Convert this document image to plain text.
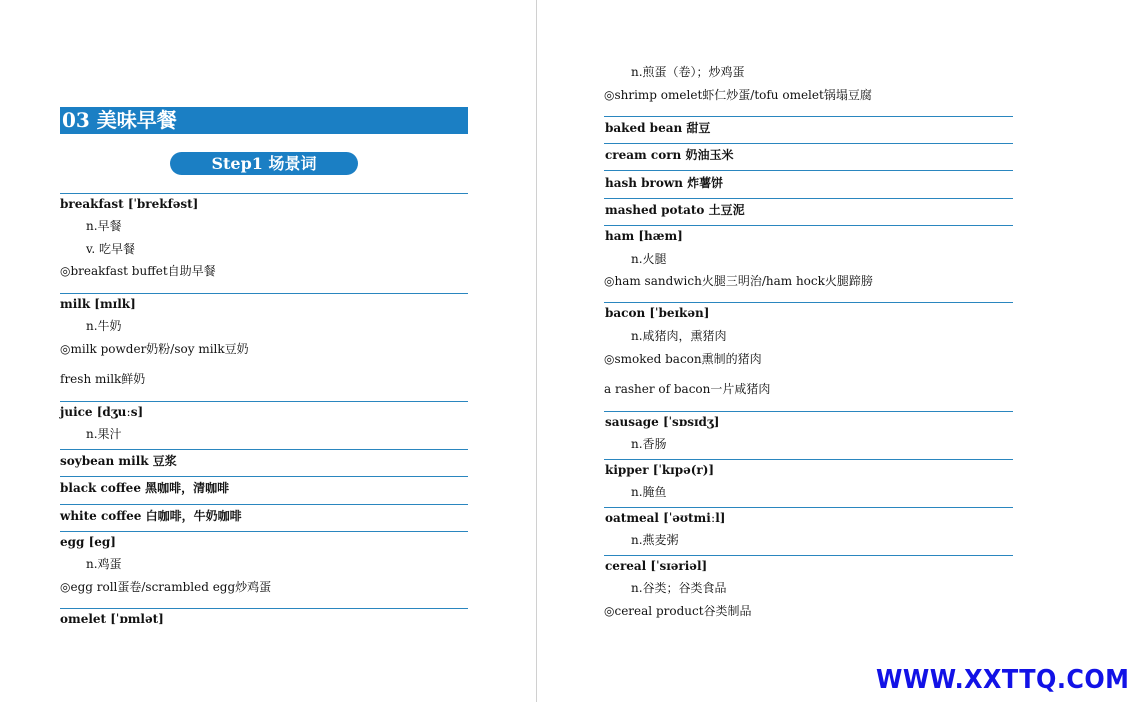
03 美味早餐
Step1 场景词
breakfast [ˈbrekfəst]
n.早餐
v. 吃早餐
◎breakfast buffet自助早餐
milk [mɪlk]
n.牛奶
◎milk powder奶粉/soy milk豆奶
fresh milk鲜奶
juice [dʒuːs]
n.果汁
soybean milk 豆浆
black coffee 黑咖啡，清咖啡
white coffee 白咖啡，牛奶咖啡
egg [eg]
n.鸡蛋
◎egg roll蛋卷/scrambled egg炒鸡蛋
omelet [ˈɒmlət]
n.煎蛋（卷）；炒鸡蛋
◎shrimp omelet虾仁炒蛋/tofu omelet锅塌豆腐
baked bean 甜豆
cream corn 奶油玉米
hash brown 炸薯饼
mashed potato 土豆泥
ham [hæm]
n.火腿
◎ham sandwich火腿三明治/ham hock火腿蹄膀
bacon [ˈbeɪkən]
n.咸猪肉，熏猪肉
◎smoked bacon熏制的猪肉
a rasher of bacon一片咸猪肉
sausage [ˈsɒsɪdʒ]
n.香肠
kipper [ˈkɪpə(r)]
n.腌鱼
oatmeal [ˈəʊtmiːl]
n.燕麦粥
cereal [ˈsɪəriəl]
n.谷类；谷类食品
◎cereal product谷类制品
WWW.XXTTQ.COM
